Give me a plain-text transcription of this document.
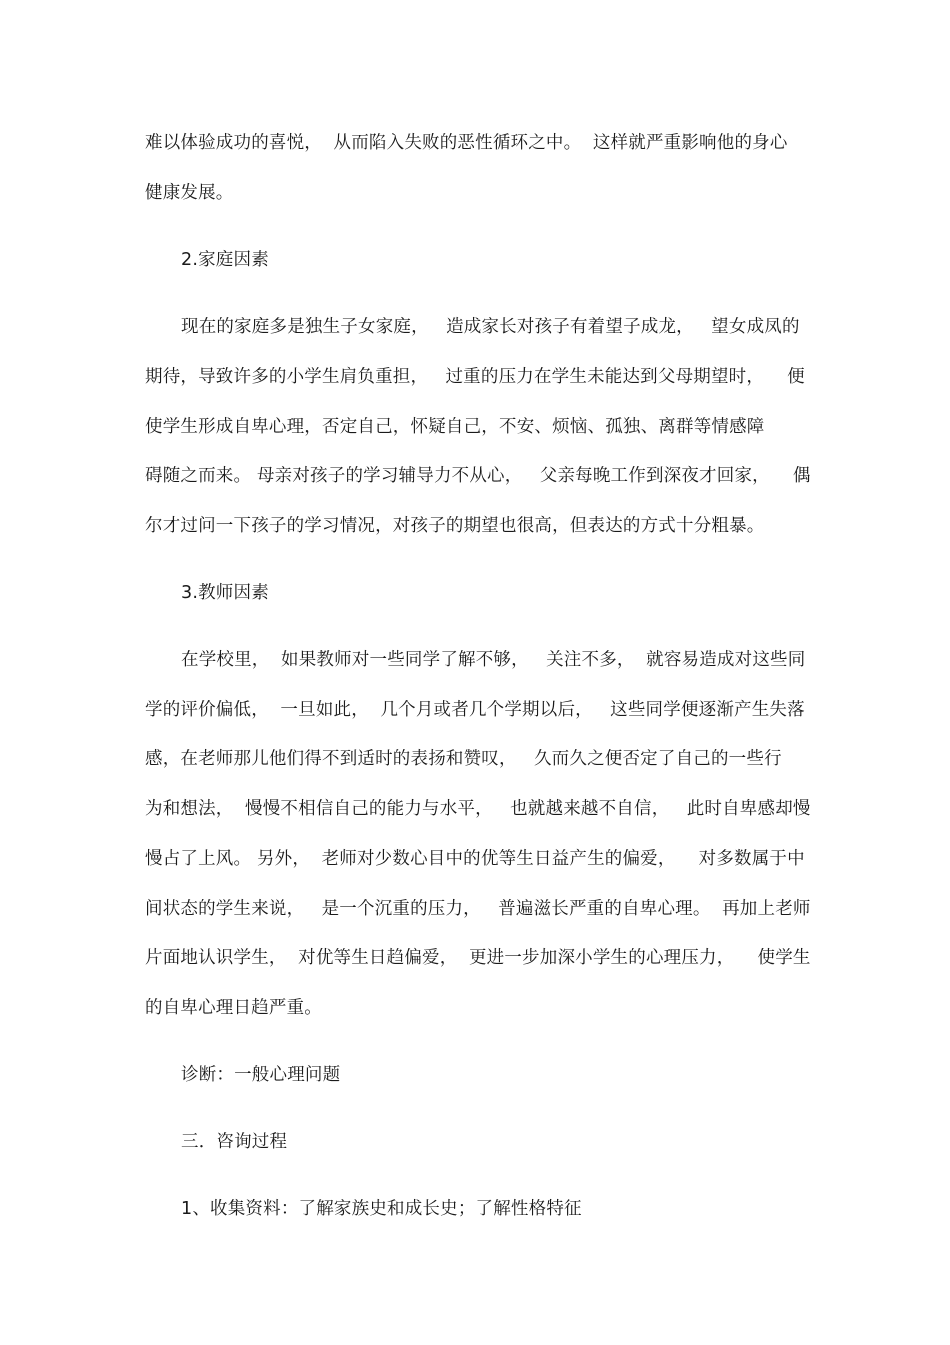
难以体验成功的喜悦，  从而陷入失败的恶性循环之中。  这样就严重影响他的身心
健康发展。
2.家庭因素
现在的家庭多是独生子女家庭，   造成家长对孩子有着望子成龙，   望女成凤的
期待，导致许多的小学生肩负重担，   过重的压力在学生未能达到父母期望时，    便
使学生形成自卑心理，否定自己，怀疑自己，不安、烦恼、孤独、离群等情感障
碍随之而来。 母亲对孩子的学习辅导力不从心，   父亲每晚工作到深夜才回家，    偶
尔才过问一下孩子的学习情况，对孩子的期望也很高，但表达的方式十分粗暴。
3.教师因素
在学校里，  如果教师对一些同学了解不够，   关注不多，  就容易造成对这些同
学的评价偏低，  一旦如此，  几个月或者几个学期以后，   这些同学便逐渐产生失落
感，在老师那儿他们得不到适时的表扬和赞叹，   久而久之便否定了自己的一些行
为和想法，  慢慢不相信自己的能力与水平，   也就越来越不自信，   此时自卑感却慢
慢占了上风。 另外，  老师对少数心目中的优等生日益产生的偏爱，    对多数属于中
间状态的学生来说，   是一个沉重的压力，   普遍滋长严重的自卑心理。  再加上老师
片面地认识学生，  对优等生日趋偏爱，  更进一步加深小学生的心理压力，    使学生
的自卑心理日趋严重。
诊断：一般心理问题
三．咨询过程
1、收集资料：了解家族史和成长史；了解性格特征
